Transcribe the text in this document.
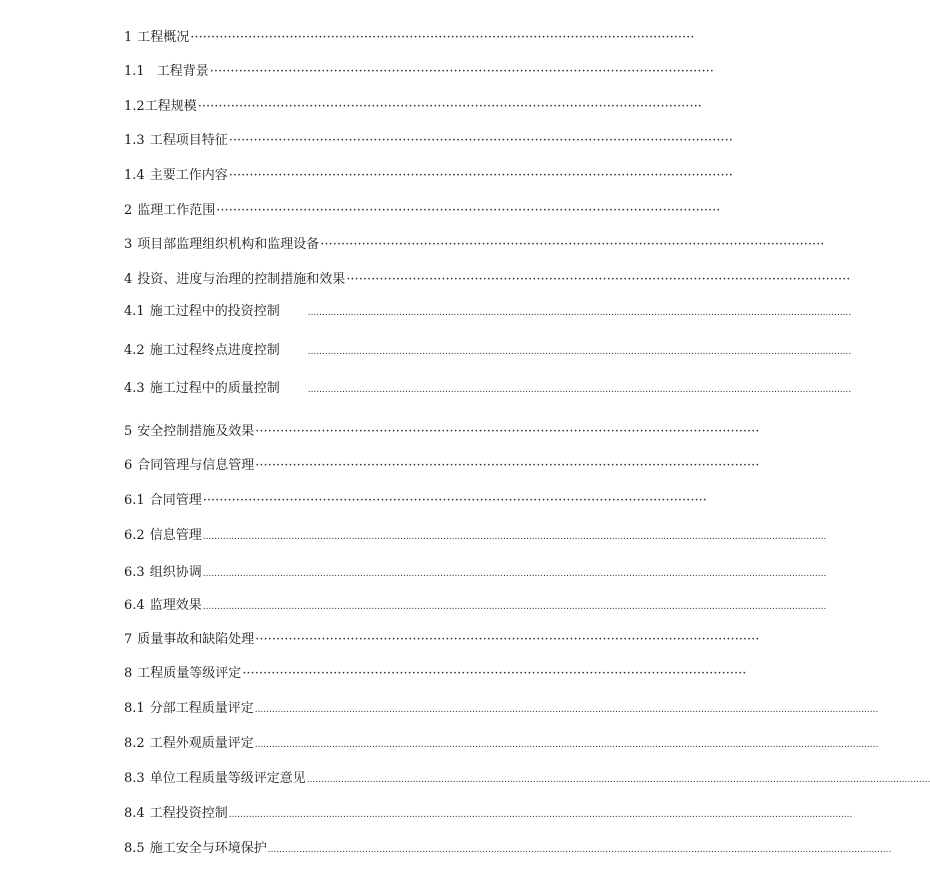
1 工程概况 ··························································································································
1.1 工程背景 ··························································································································
1.2 工程规模 ··························································································································
1.3 工程项目特征 ··························································································································
1.4 主要工作内容 ··························································································································
2 监理工作范围 ··························································································································
3 项目部监理组织机构和监理设备 ··························································································································
4 投资、进度与治理的控制措施和效果 ··························································································································
4.1 施工过程中的投资控制	..............................................................................................................................................................................................
4.2 施工过程终点进度控制	..............................................................................................................................................................................................
4.3 施工过程中的质量控制	..............................................................................................................................................................................................
5 安全控制措施及效果 ··························································································································
6 合同管理与信息管理 ··························································································································
6.1 合同管理 ··························································································································
6.2 信息管理 ..........................................................................................................................................................................................................................
6.3 组织协调 ..........................................................................................................................................................................................................................
6.4 监理效果 ..........................................................................................................................................................................................................................
7 质量事故和缺陷处理 ··························································································································
8 工程质量等级评定 ··························································································································
8.1 分部工程质量评定 ..........................................................................................................................................................................................................................
8.2 工程外观质量评定 ..........................................................................................................................................................................................................................
8.3 单位工程质量等级评定意见 ..........................................................................................................................................................................................................................
8.4 工程投资控制 ..........................................................................................................................................................................................................................
8.5 施工安全与环境保护 ..........................................................................................................................................................................................................................
